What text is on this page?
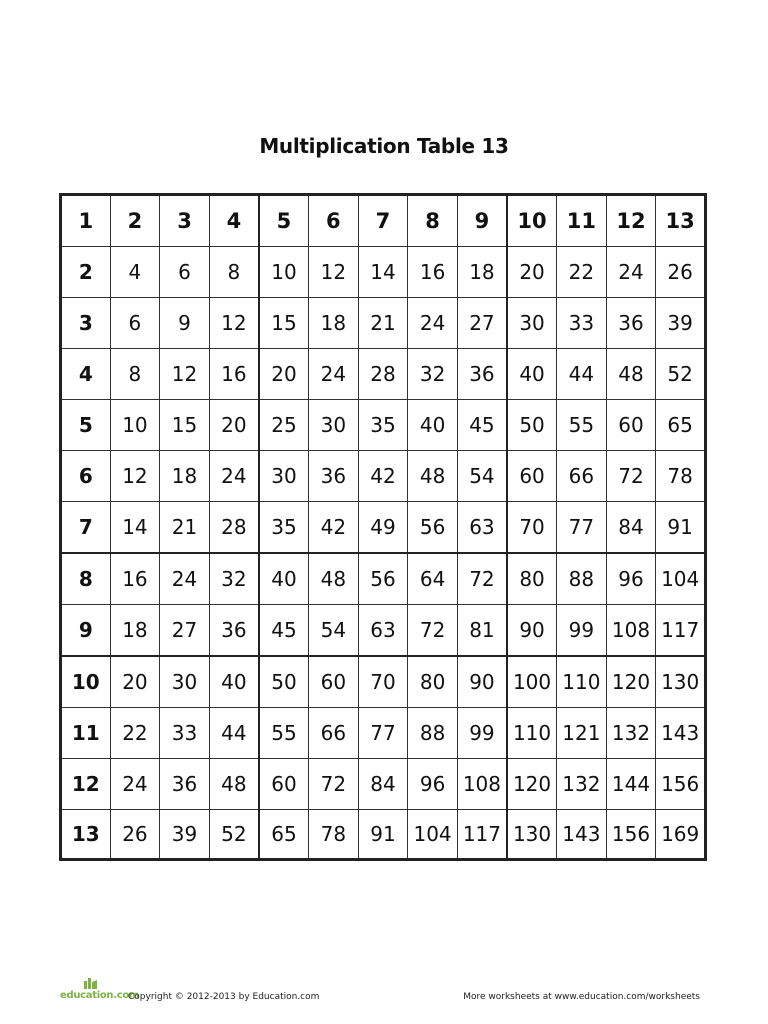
Multiplication Table 13
1	2	3	4	5	6	7	8	9	10	11	12	13
2	4	6	8	10	12	14	16	18	20	22	24	26
3	6	9	12	15	18	21	24	27	30	33	36	39
4	8	12	16	20	24	28	32	36	40	44	48	52
5	10	15	20	25	30	35	40	45	50	55	60	65
6	12	18	24	30	36	42	48	54	60	66	72	78
7	14	21	28	35	42	49	56	63	70	77	84	91
8	16	24	32	40	48	56	64	72	80	88	96	104
9	18	27	36	45	54	63	72	81	90	99	108	117
10	20	30	40	50	60	70	80	90	100	110	120	130
11	22	33	44	55	66	77	88	99	110	121	132	143
12	24	36	48	60	72	84	96	108	120	132	144	156
13	26	39	52	65	78	91	104	117	130	143	156	169
education.com
Copyright © 2012-2013 by Education.com	More worksheets at www.education.com/worksheets
